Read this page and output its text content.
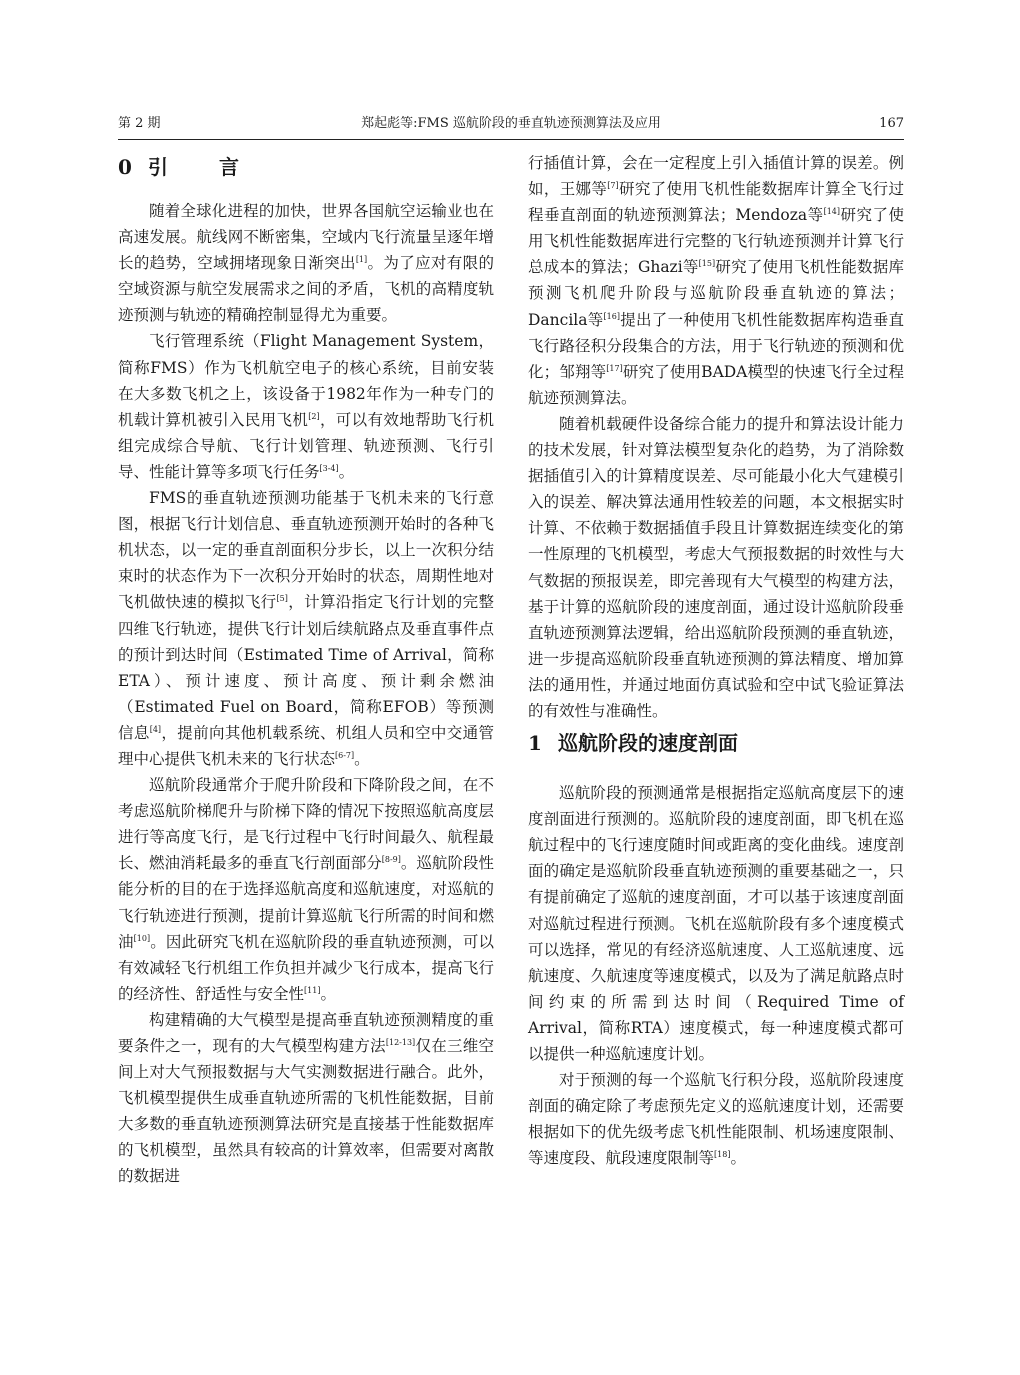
第 2 期	郑起彪等:FMS 巡航阶段的垂直轨迹预测算法及应用	167
0 引 言

随着全球化进程的加快，世界各国航空运输业也在高速发展。航线网不断密集，空域内飞行流量呈逐年增长的趋势，空域拥堵现象日渐突出[1]。为了应对有限的空域资源与航空发展需求之间的矛盾，飞机的高精度轨迹预测与轨迹的精确控制显得尤为重要。

飞行管理系统（Flight Management System，简称FMS）作为飞机航空电子的核心系统，目前安装在大多数飞机之上，该设备于1982年作为一种专门的机载计算机被引入民用飞机[2]，可以有效地帮助飞行机组完成综合导航、飞行计划管理、轨迹预测、飞行引导、性能计算等多项飞行任务[3-4]。

FMS的垂直轨迹预测功能基于飞机未来的飞行意图，根据飞行计划信息、垂直轨迹预测开始时的各种飞机状态，以一定的垂直剖面积分步长，以上一次积分结束时的状态作为下一次积分开始时的状态，周期性地对飞机做快速的模拟飞行[5]，计算沿指定飞行计划的完整四维飞行轨迹，提供飞行计划后续航路点及垂直事件点的预计到达时间（Estimated Time of Arrival，简称ETA）、预计速度、预计高度、预计剩余燃油（Estimated Fuel on Board，简称EFOB）等预测信息[4]，提前向其他机载系统、机组人员和空中交通管理中心提供飞机未来的飞行状态[6-7]。

巡航阶段通常介于爬升阶段和下降阶段之间，在不考虑巡航阶梯爬升与阶梯下降的情况下按照巡航高度层进行等高度飞行，是飞行过程中飞行时间最久、航程最长、燃油消耗最多的垂直飞行剖面部分[8-9]。巡航阶段性能分析的目的在于选择巡航高度和巡航速度，对巡航的飞行轨迹进行预测，提前计算巡航飞行所需的时间和燃油[10]。因此研究飞机在巡航阶段的垂直轨迹预测，可以有效减轻飞行机组工作负担并减少飞行成本，提高飞行的经济性、舒适性与安全性[11]。

构建精确的大气模型是提高垂直轨迹预测精度的重要条件之一，现有的大气模型构建方法[12-13]仅在三维空间上对大气预报数据与大气实测数据进行融合。此外，飞机模型提供生成垂直轨迹所需的飞机性能数据，目前大多数的垂直轨迹预测算法研究是直接基于性能数据库的飞机模型，虽然具有较高的计算效率，但需要对离散的数据进

行插值计算，会在一定程度上引入插值计算的误差。例如，王娜等[7]研究了使用飞机性能数据库计算全飞行过程垂直剖面的轨迹预测算法；Mendoza等[14]研究了使用飞机性能数据库进行完整的飞行轨迹预测并计算飞行总成本的算法；Ghazi等[15]研究了使用飞机性能数据库预测飞机爬升阶段与巡航阶段垂直轨迹的算法；Dancila等[16]提出了一种使用飞机性能数据库构造垂直飞行路径积分段集合的方法，用于飞行轨迹的预测和优化；邹翔等[17]研究了使用BADA模型的快速飞行全过程航迹预测算法。

随着机载硬件设备综合能力的提升和算法设计能力的技术发展，针对算法模型复杂化的趋势，为了消除数据插值引入的计算精度误差、尽可能最小化大气建模引入的误差、解决算法通用性较差的问题，本文根据实时计算、不依赖于数据插值手段且计算数据连续变化的第一性原理的飞机模型，考虑大气预报数据的时效性与大气数据的预报误差，即完善现有大气模型的构建方法，基于计算的巡航阶段的速度剖面，通过设计巡航阶段垂直轨迹预测算法逻辑，给出巡航阶段预测的垂直轨迹，进一步提高巡航阶段垂直轨迹预测的算法精度、增加算法的通用性，并通过地面仿真试验和空中试飞验证算法的有效性与准确性。

1 巡航阶段的速度剖面

巡航阶段的预测通常是根据指定巡航高度层下的速度剖面进行预测的。巡航阶段的速度剖面，即飞机在巡航过程中的飞行速度随时间或距离的变化曲线。速度剖面的确定是巡航阶段垂直轨迹预测的重要基础之一，只有提前确定了巡航的速度剖面，才可以基于该速度剖面对巡航过程进行预测。飞机在巡航阶段有多个速度模式可以选择，常见的有经济巡航速度、人工巡航速度、远航速度、久航速度等速度模式，以及为了满足航路点时间约束的所需到达时间（Required Time of Arrival，简称RTA）速度模式，每一种速度模式都可以提供一种巡航速度计划。

对于预测的每一个巡航飞行积分段，巡航阶段速度剖面的确定除了考虑预先定义的巡航速度计划，还需要根据如下的优先级考虑飞机性能限制、机场速度限制、等速度段、航段速度限制等[18]。
